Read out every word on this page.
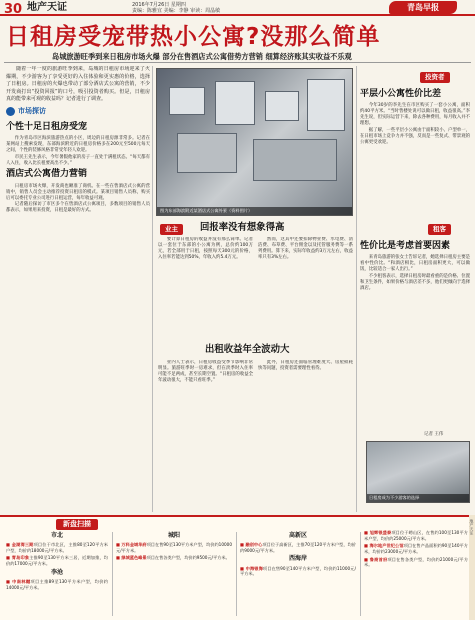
30 地产天证	2016年7月26日 星期四
责编：陈雅宜 美编：李静 审读：周晶敏	青岛早报
日租房受宠带热小公寓?没那么简单
岛城旅游旺季到来日租房市场火爆 部分在售酒店式公寓借势方营销 细算经济账其实收益不乐观
随着一年一度的旅游旺季到来，岛城的日租房市场迎来了火爆期，不少游客为了享受更好的入住体验和更实惠的价格，选择了日租房。日租房的火爆也带动了部分酒店式公寓的营销，不少开发商打出“投资回报”的口号，吸引投资者购买。但是，日租房真的能带来可观的收益吗？记者进行了调查。
市场探访
个性十足日租房受宠
作为青岛市区海滨旅游热点的小区，周边的日租房源非常多。记者在某网站上搜索发现，东部海滨附近的日租房价格多在200元至500元每天之间，个性的装修风格非常受年轻人欢迎。
市民王先生表示，今年暑假他家的房子一直处于满租状态。“每天都有人入住，收入比长租要高出不少。”
酒店式公寓借力营销
日租房市场火爆，开发商也瞅准了商机。在一些在售酒店式公寓的营销中，销售人员会主动推荐投资日租房的模式。某项目销售人员称，购买后可以委托专业公司进行日租运营，每年收益可观。
记者随后探访了市区多个在售酒店式公寓项目，多数项目的销售人员都表示，如果用来投资，日租是最好的方式。	图为东部海滨附近某酒店式公寓外景（资料图片）
业主	回报率没有想象得高
要计算日租房的收益并没有那么简单。记者以一套位于东部的小公寓为例，总价约100万元，若全部用于日租，按照每天300元的价格，入住率若能达到50%，年收入约5.4万元。
然而，这其中还要扣除物业费、水电费、清洁费、布草费、平台佣金以及托管服务费等一系列费用。算下来，实际年收益约3万元左右，收益率只有3%左右。
出租收益年全波动大
业内人士表示，日租房收益受季节影响非常明显。旅游旺季时一房难求，但在淡季时入住率可能不足两成，甚至长期空置。“日租房的收益全年波动很大，不能只看旺季。”
此外，日租房还面临管理难度大、房屋损耗快等问题，投资者需要理性看待。
投资者
平层小公寓性价比差
今年30岁的李先生在市区购买了一套小公寓，面积约40平方米。“当时售楼处说可以做日租，收益很高。”李先生说，但实际运营下来，除去各种费用，每月收入并不理想。
据了解，一些平层小公寓由于面积较小、户型单一，在日租市场上竞争力并不强，反而是一些复式、带景观的公寓更受欢迎。
租客
性价比是考虑首要因素
来青岛旅游的张女士告诉记者，她选择日租房主要是看中性价比。“和酒店相比，日租房面积更大，可以做饭，比较适合一家人出行。”
不少租客表示，选择日租房时最看重的是价格、位置和卫生条件，如果价格与酒店差不多，他们更倾向于选择酒店。
记者 王伟
日租房成为不少游客的选择
新盘扫描
市北
■ 金湖湾三期项目位于市北区，主推80至120平方米户型，均价约18000元/平方米。
■ 青岛印象主推90至130平方米三居，近期加推，均价约17000元/平方米。
李沧
■ 中南林樾项目主推89至130平方米户型，均价约14000元/平方米。
城阳
■ 万科金域华府项目在售90至130平方米户型，均价约10000元/平方米。
■ 绿城蓝色峰景项目在售各类户型，均价约9500元/平方米。
高新区
■ 融创中心项目位于高新区，主推70至120平方米户型，均价约9000元/平方米。
西海岸
■ 中海银海项目在售90至140平方米户型，均价约11000元/平方米。
■ 旭辉银盛泰项目位于崂山区，在售约100至130平方米户型，均价约25000元/平方米。
■ 海尔地产世纪公馆项目在售产品面积约90至140平方米，均价约23000元/平方米。
■ 鲁商首府项目在售各类户型，均价约21000元/平方米。
地产天证
